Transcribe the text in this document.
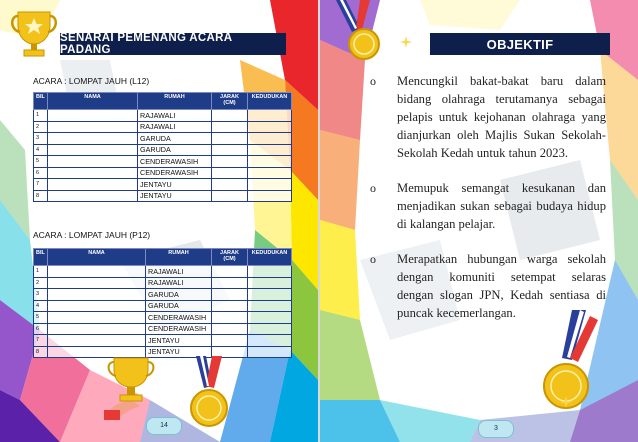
SENARAI PEMENANG ACARA PADANG
ACARA : LOMPAT JAUH (L12)
BIL	NAMA	RUMAH	JARAK (CM)	KEDUDUKAN
1		RAJAWALI		
2		RAJAWALI		
3		GARUDA		
4		GARUDA		
5		CENDERAWASIH		
6		CENDERAWASIH		
7		JENTAYU		
8		JENTAYU		
ACARA : LOMPAT JAUH (P12)
BIL	NAMA	RUMAH	JARAK (CM)	KEDUDUKAN
1		RAJAWALI		
2		RAJAWALI		
3		GARUDA		
4		GARUDA		
5		CENDERAWASIH		
6		CENDERAWASIH		
7		JENTAYU		
8		JENTAYU		
14
OBJEKTIF
o Mencungkil bakat-bakat baru dalam bidang olahraga terutamanya sebagai pelapis untuk kejohanan olahraga yang dianjurkan oleh Majlis Sukan Sekolah-Sekolah Kedah untuk tahun 2023.
o Memupuk semangat kesukanan dan menjadikan sukan sebagai budaya hidup di kalangan pelajar.
o Merapatkan hubungan warga sekolah dengan komuniti setempat selaras dengan slogan JPN, Kedah sentiasa di puncak kecemerlangan.
3
